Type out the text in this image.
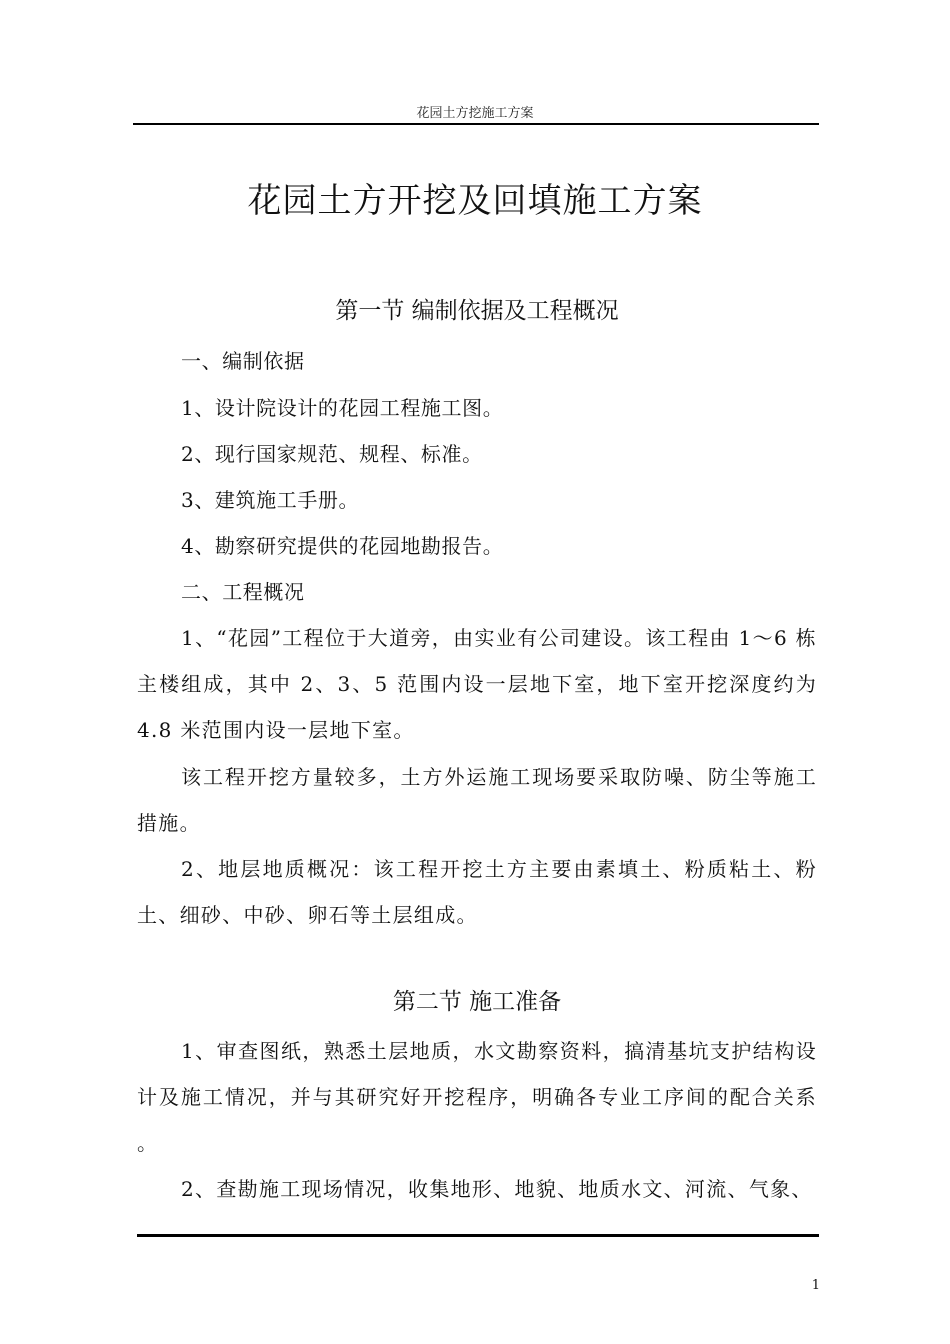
花园土方挖施工方案
花园土方开挖及回填施工方案
第一节 编制依据及工程概况

一、编制依据

1、设计院设计的花园工程施工图。

2、现行国家规范、规程、标准。

3、建筑施工手册。

4、勘察研究提供的花园地勘报告。

二、工程概况

1、“花园”工程位于大道旁，由实业有公司建设。该工程由 1～6 栋主楼组成，其中 2、3、5 范围内设一层地下室，地下室开挖深度约为 4.8 米范围内设一层地下室。

该工程开挖方量较多，土方外运施工现场要采取防噪、防尘等施工措施。

2、地层地质概况：该工程开挖土方主要由素填土、粉质粘土、粉土、细砂、中砂、卵石等土层组成。

第二节 施工准备

1、审查图纸，熟悉土层地质，水文勘察资料，搞清基坑支护结构设计及施工情况，并与其研究好开挖程序，明确各专业工序间的配合关系 。

2、查勘施工现场情况，收集地形、地貌、地质水文、河流、气象、

1
